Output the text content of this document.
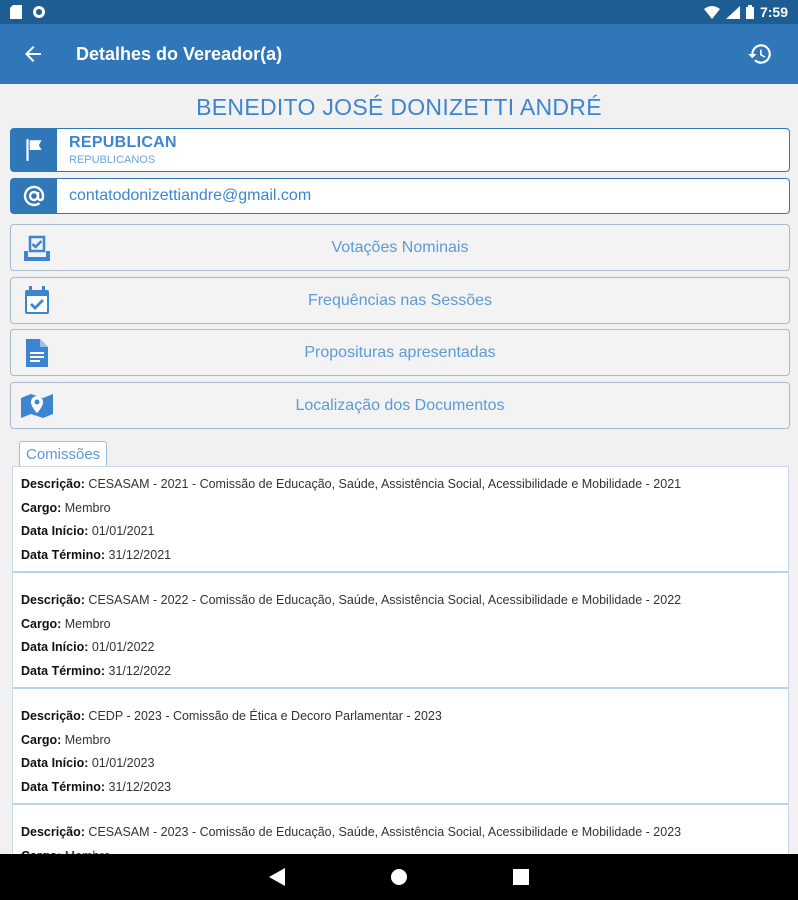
7:59
Detalhes do Vereador(a)
BENEDITO JOSÉ DONIZETTI ANDRÉ
REPUBLICAN
REPUBLICANOS
contatodonizettiandre@gmail.com
Votações Nominais
Frequências nas Sessões
Proposituras apresentadas
Localização dos Documentos
Comissões
Descrição: CESASAM - 2021 - Comissão de Educação, Saúde, Assistência Social, Acessibilidade e Mobilidade - 2021
Cargo: Membro
Data Início: 01/01/2021
Data Término: 31/12/2021
Descrição: CESASAM - 2022 - Comissão de Educação, Saúde, Assistência Social, Acessibilidade e Mobilidade - 2022
Cargo: Membro
Data Início: 01/01/2022
Data Término: 31/12/2022
Descrição: CEDP - 2023 - Comissão de Ética e Decoro Parlamentar - 2023
Cargo: Membro
Data Início: 01/01/2023
Data Término: 31/12/2023
Descrição: CESASAM - 2023 - Comissão de Educação, Saúde, Assistência Social, Acessibilidade e Mobilidade - 2023
